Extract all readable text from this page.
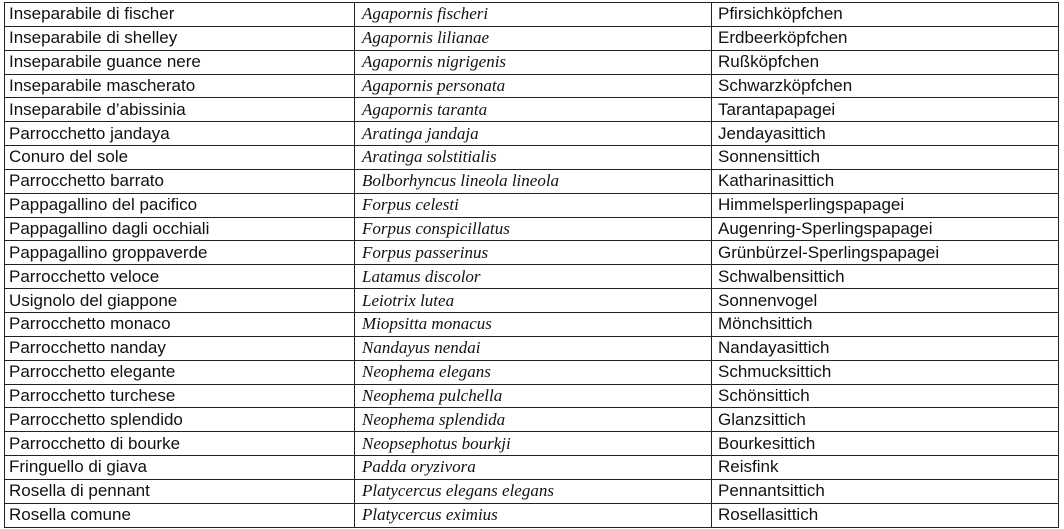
Inseparabile di fischer	Agapornis fischeri	Pfirsichköpfchen
Inseparabile di shelley	Agapornis lilianae	Erdbeerköpfchen
Inseparabile guance nere	Agapornis nigrigenis	Rußköpfchen
Inseparabile mascherato	Agapornis personata	Schwarzköpfchen
Inseparabile d’abissinia	Agapornis taranta	Tarantapapagei
Parrocchetto jandaya	Aratinga jandaja	Jendayasittich
Conuro del sole	Aratinga solstitialis	Sonnensittich
Parrocchetto barrato	Bolborhyncus lineola lineola	Katharinasittich
Pappagallino del pacifico	Forpus celesti	Himmelsperlingspapagei
Pappagallino dagli occhiali	Forpus conspicillatus	Augenring-Sperlingspapagei
Pappagallino groppaverde	Forpus passerinus	Grünbürzel-Sperlingspapagei
Parrocchetto veloce	Latamus discolor	Schwalbensittich
Usignolo del giappone	Leiotrix lutea	Sonnenvogel
Parrocchetto monaco	Miopsitta monacus	Mönchsittich
Parrocchetto nanday	Nandayus nendai	Nandayasittich
Parrocchetto elegante	Neophema elegans	Schmucksittich
Parrocchetto turchese	Neophema pulchella	Schönsittich
Parrocchetto splendido	Neophema splendida	Glanzsittich
Parrocchetto di bourke	Neopsephotus bourkji	Bourkesittich
Fringuello di giava	Padda oryzivora	Reisfink
Rosella di pennant	Platycercus elegans elegans	Pennantsittich
Rosella comune	Platycercus eximius	Rosellasittich
